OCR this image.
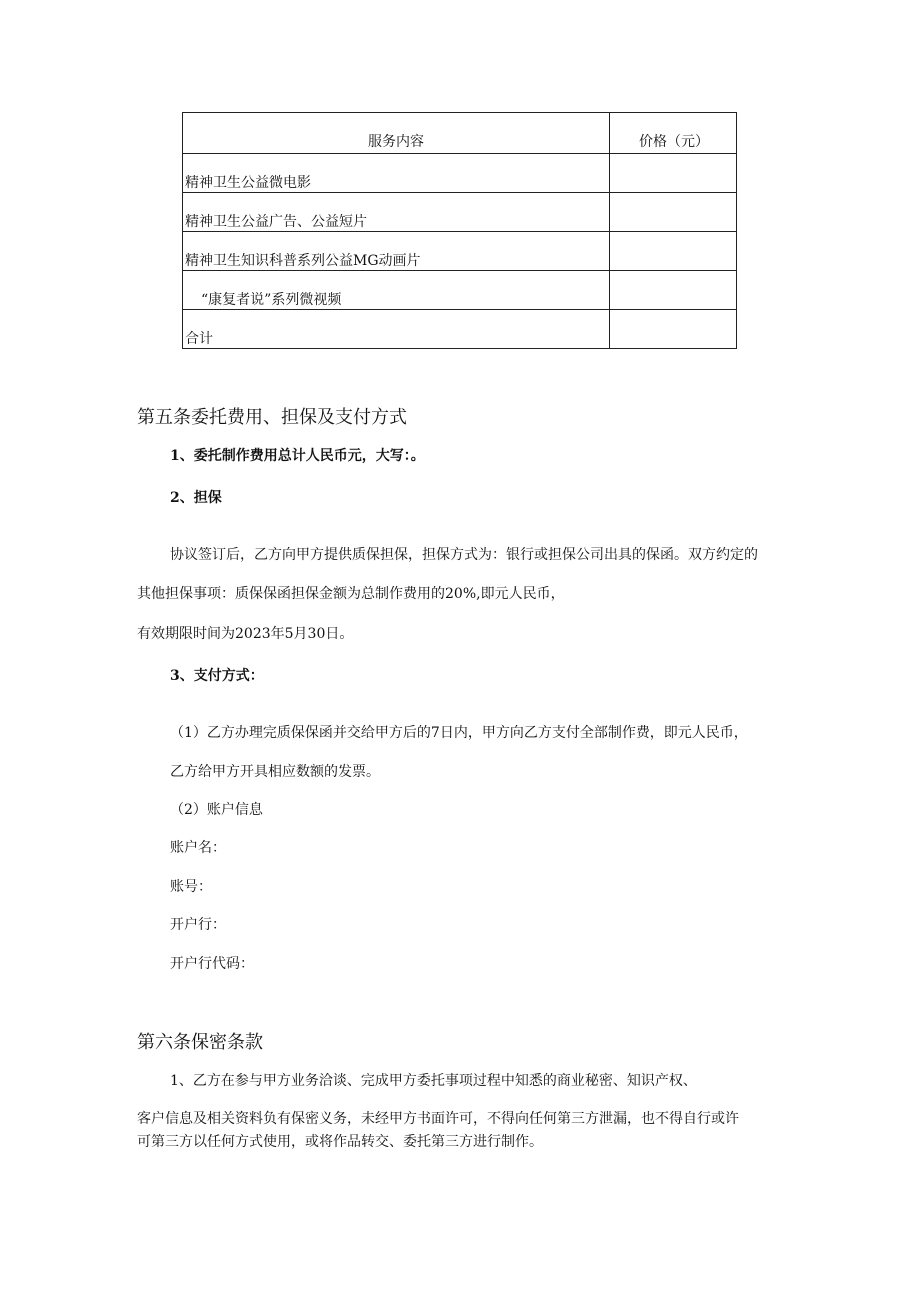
服务内容	价格（元）
精神卫生公益微电影	
精神卫生公益广告、公益短片	
精神卫生知识科普系列公益MG动画片	
“康复者说”系列微视频	
合计	
第五条委托费用、担保及支付方式
1、委托制作费用总计人民币元，大写：。
2、担保
协议签订后，乙方向甲方提供质保担保，担保方式为：银行或担保公司出具的保函。双方约定的
其他担保事项：质保保函担保金额为总制作费用的20%,即元人民币，
有效期限时间为2023年5月30日。
3、支付方式：
（1）乙方办理完质保保函并交给甲方后的7日内，甲方向乙方支付全部制作费，即元人民币，
乙方给甲方开具相应数额的发票。
（2）账户信息
账户名：
账号：
开户行：
开户行代码：
第六条保密条款
1、乙方在参与甲方业务洽谈、完成甲方委托事项过程中知悉的商业秘密、知识产权、
客户信息及相关资料负有保密义务，未经甲方书面许可，不得向任何第三方泄漏，也不得自行或许
可第三方以任何方式使用，或将作品转交、委托第三方进行制作。
